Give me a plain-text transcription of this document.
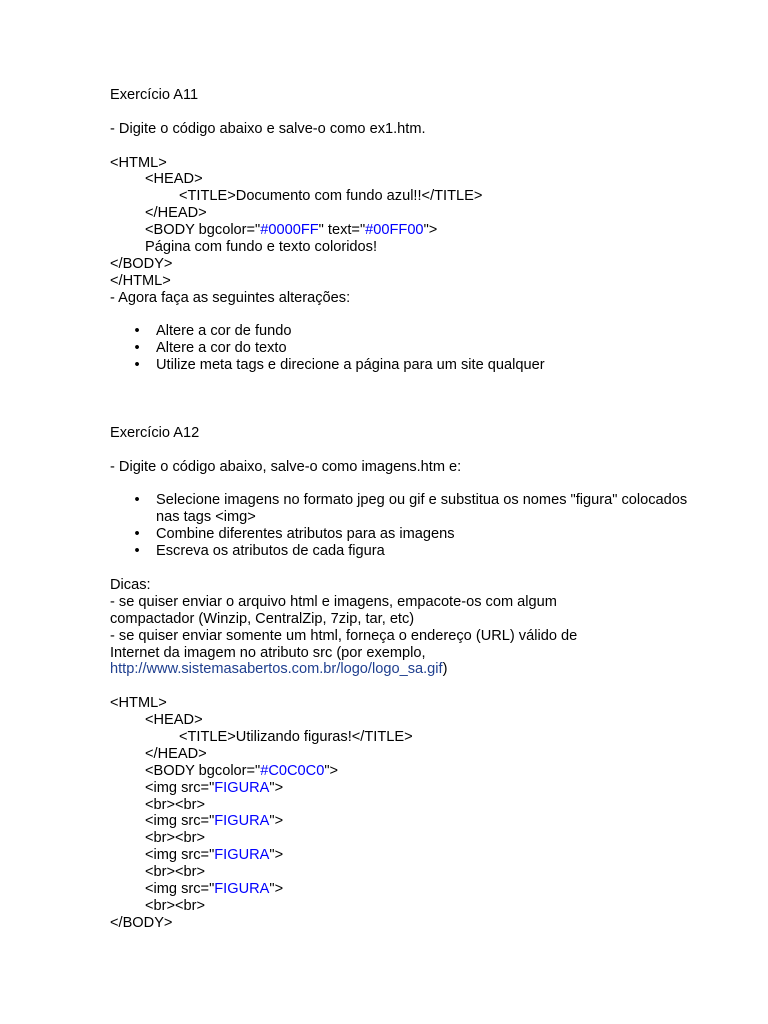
Exercício A11
- Digite o código abaixo e salve-o como ex1.htm.
<HTML>
<HEAD>
<TITLE>Documento com fundo azul!!</TITLE>
</HEAD>
<BODY bgcolor="#0000FF" text="#00FF00">
Página com fundo e texto coloridos!
</BODY>
</HTML>
- Agora faça as seguintes alterações:
• Altere a cor de fundo
• Altere a cor do texto
• Utilize meta tags e direcione a página para um site qualquer
Exercício A12
- Digite o código abaixo, salve-o como imagens.htm e:
• Selecione imagens no formato jpeg ou gif e substitua os nomes "figura" colocados nas tags <img>
• Combine diferentes atributos para as imagens
• Escreva os atributos de cada figura
Dicas:
- se quiser enviar o arquivo html e imagens, empacote-os com algum
compactador (Winzip, CentralZip, 7zip, tar, etc)
- se quiser enviar somente um html, forneça o endereço (URL) válido de
Internet da imagem no atributo src (por exemplo,
http://www.sistemasabertos.com.br/logo/logo_sa.gif)
<HTML>
<HEAD>
<TITLE>Utilizando figuras!</TITLE>
</HEAD>
<BODY bgcolor="#C0C0C0">
<img src="FIGURA">
<br><br>
<img src="FIGURA">
<br><br>
<img src="FIGURA">
<br><br>
<img src="FIGURA">
<br><br>
</BODY>
